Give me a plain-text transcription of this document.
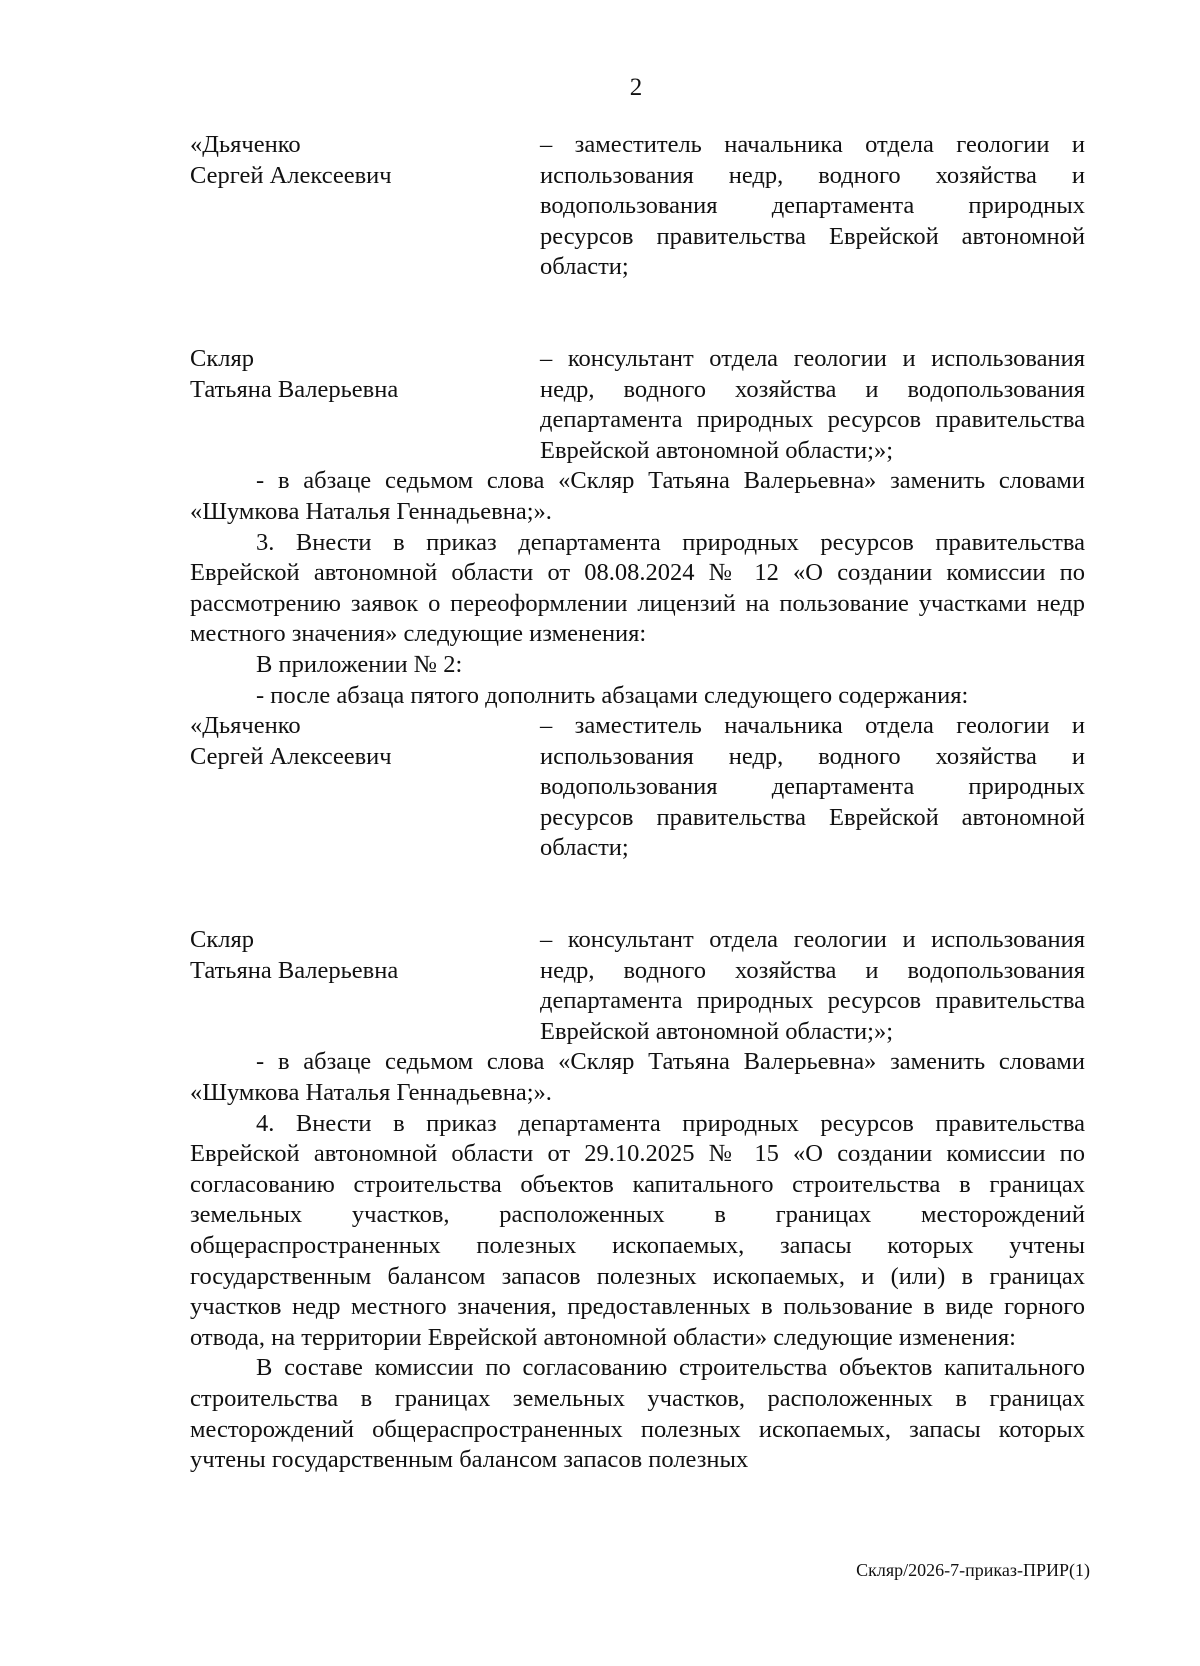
2
«Дьяченко
Сергей Алексеевич
– заместитель начальника отдела геологии и использования недр, водного хозяйства и водопользования департамента природных ресурсов правительства Еврейской автономной области;
Скляр
Татьяна Валерьевна
– консультант отдела геологии и использования недр, водного хозяйства и водопользования департамента природных ресурсов правительства Еврейской автономной области;»;

- в абзаце седьмом слова «Скляр Татьяна Валерьевна» заменить словами «Шумкова Наталья Геннадьевна;».

3. Внести в приказ департамента природных ресурсов правительства Еврейской автономной области от 08.08.2024 № 12 «О создании комиссии по рассмотрению заявок о переоформлении лицензий на пользование участками недр местного значения» следующие изменения:

В приложении № 2:

- после абзаца пятого дополнить абзацами следующего содержания:

«Дьяченко
Сергей Алексеевич
– заместитель начальника отдела геологии и использования недр, водного хозяйства и водопользования департамента природных ресурсов правительства Еврейской автономной области;
Скляр
Татьяна Валерьевна
– консультант отдела геологии и использования недр, водного хозяйства и водопользования департамента природных ресурсов правительства Еврейской автономной области;»;

- в абзаце седьмом слова «Скляр Татьяна Валерьевна» заменить словами «Шумкова Наталья Геннадьевна;».

4. Внести в приказ департамента природных ресурсов правительства Еврейской автономной области от 29.10.2025 № 15 «О создании комиссии по согласованию строительства объектов капитального строительства в границах земельных участков, расположенных в границах месторождений общераспространенных полезных ископаемых, запасы которых учтены государственным балансом запасов полезных ископаемых, и (или) в границах участков недр местного значения, предоставленных в пользование в виде горного отвода, на территории Еврейской автономной области» следующие изменения:

В составе комиссии по согласованию строительства объектов капитального строительства в границах земельных участков, расположенных в границах месторождений общераспространенных полезных ископаемых, запасы которых учтены государственным балансом запасов полезных

Скляр/2026-7-приказ-ПРИР(1)
